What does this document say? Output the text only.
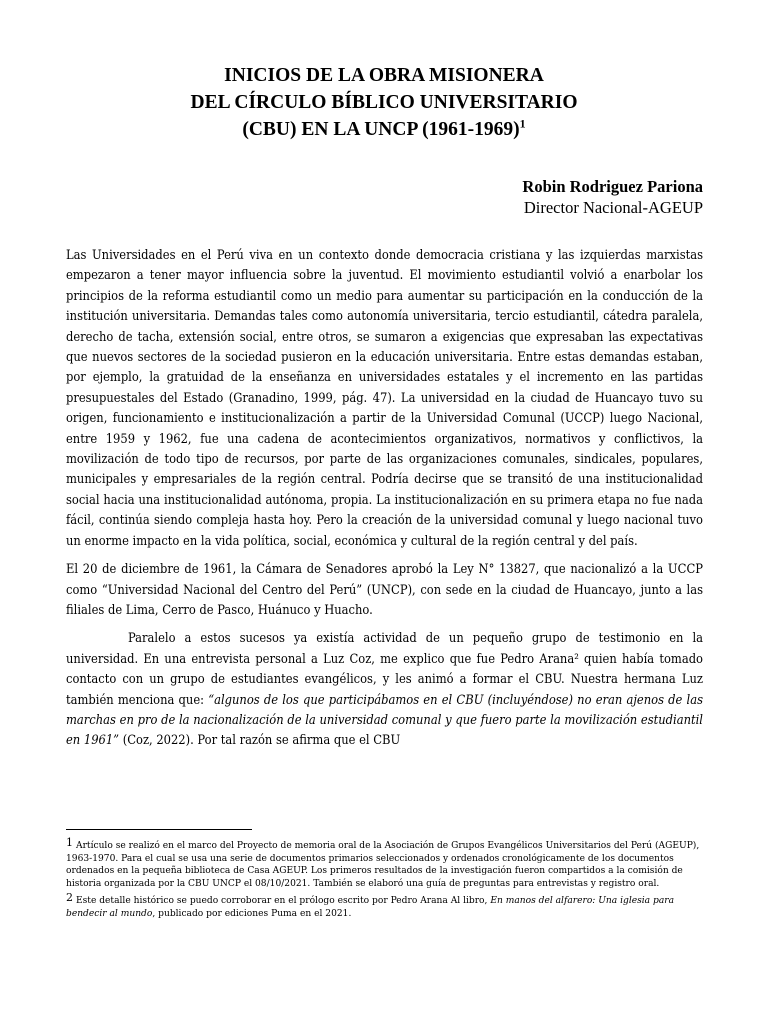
INICIOS DE LA OBRA MISIONERA
DEL CÍRCULO BÍBLICO UNIVERSITARIO
(CBU) EN LA UNCP (1961-1969)$^1$
Robin Rodriguez Pariona
Director Nacional-AGEUP

Las Universidades en el Perú viva en un contexto donde democracia cristiana y las izquierdas marxistas empezaron a tener mayor influencia sobre la juventud. El movimiento estudiantil volvió a enarbolar los principios de la reforma estudiantil como un medio para aumentar su participación en la conducción de la institución universitaria. Demandas tales como autonomía universitaria, tercio estudiantil, cátedra paralela, derecho de tacha, extensión social, entre otros, se sumaron a exigencias que expresaban las expectativas que nuevos sectores de la sociedad pusieron en la educación universitaria. Entre estas demandas estaban, por ejemplo, la gratuidad de la enseñanza en universidades estatales y el incremento en las partidas presupuestales del Estado (Granadino, 1999, pág. 47). La universidad en la ciudad de Huancayo tuvo su origen, funcionamiento e institucionalización a partir de la Universidad Comunal (UCCP) luego Nacional, entre 1959 y 1962, fue una cadena de acontecimientos organizativos, normativos y conflictivos, la movilización de todo tipo de recursos, por parte de las organizaciones comunales, sindicales, populares, municipales y empresariales de la región central. Podría decirse que se transitó de una institucionalidad social hacia una institucionalidad autónoma, propia. La institucionalización en su primera etapa no fue nada fácil, continúa siendo compleja hasta hoy. Pero la creación de la universidad comunal y luego nacional tuvo un enorme impacto en la vida política, social, económica y cultural de la región central y del país.

El 20 de diciembre de 1961, la Cámara de Senadores aprobó la Ley N° 13827, que nacionalizó a la UCCP como “Universidad Nacional del Centro del Perú” (UNCP), con sede en la ciudad de Huancayo, junto a las filiales de Lima, Cerro de Pasco, Huánuco y Huacho.

Paralelo a estos sucesos ya existía actividad de un pequeño grupo de testimonio en la universidad. En una entrevista personal a Luz Coz, me explico que fue Pedro Arana² quien había tomado contacto con un grupo de estudiantes evangélicos, y les animó a formar el CBU. Nuestra hermana Luz también menciona que: “algunos de los que participábamos en el CBU (incluyéndose) no eran ajenos de las marchas en pro de la nacionalización de la universidad comunal y que fuero parte la movilización estudiantil en 1961” (Coz, 2022). Por tal razón se afirma que el CBU

1 Artículo se realizó en el marco del Proyecto de memoria oral de la Asociación de Grupos Evangélicos Universitarios del Perú (AGEUP), 1963-1970. Para el cual se usa una serie de documentos primarios seleccionados y ordenados cronológicamente de los documentos ordenados en la pequeña biblioteca de Casa AGEUP. Los primeros resultados de la investigación fueron compartidos a la comisión de historia organizada por la CBU UNCP el 08/10/2021. También se elaboró una guía de preguntas para entrevistas y registro oral.
2 Este detalle histórico se puedo corroborar en el prólogo escrito por Pedro Arana Al libro, En manos del alfarero: Una iglesia para bendecir al mundo, publicado por ediciones Puma en el 2021.
